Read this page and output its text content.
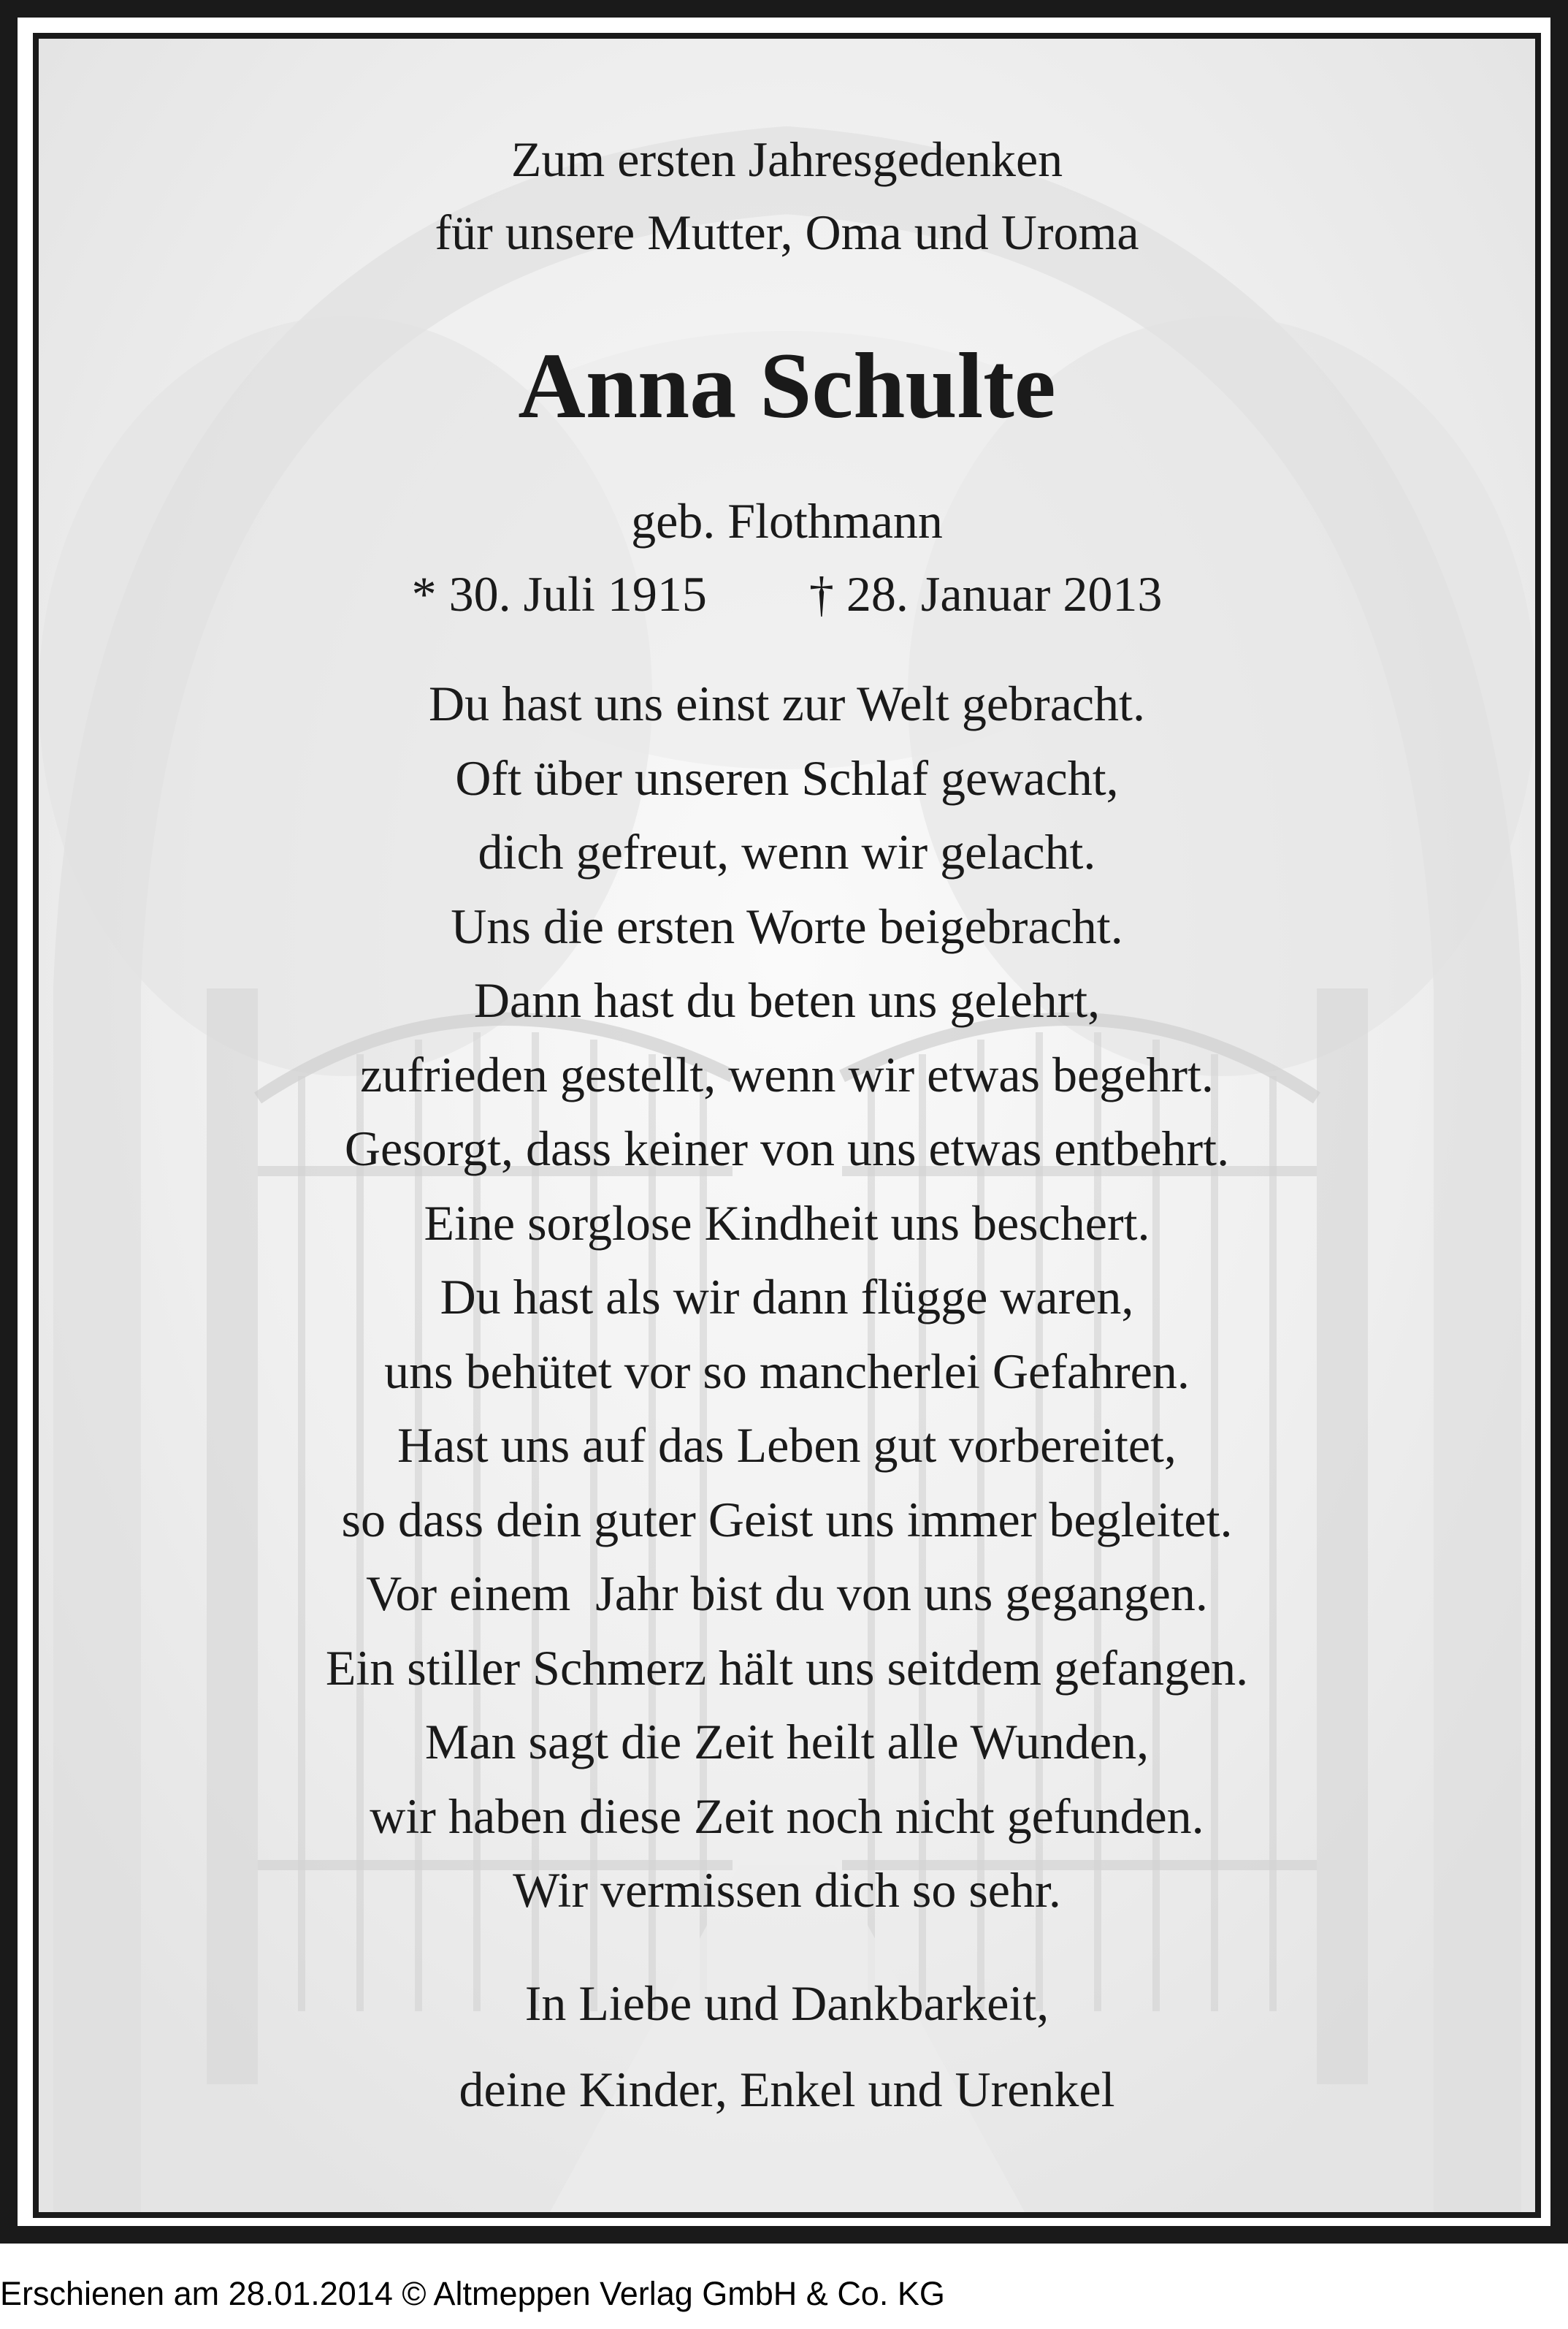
Zum ersten Jahresgedenken
für unsere Mutter, Oma und Uroma
Anna Schulte
geb. Flothmann
* 30. Juli 1915 † 28. Januar 2013
Du hast uns einst zur Welt gebracht.
Oft über unseren Schlaf gewacht,
dich gefreut, wenn wir gelacht.
Uns die ersten Worte beigebracht.
Dann hast du beten uns gelehrt,
zufrieden gestellt, wenn wir etwas begehrt.
Gesorgt, dass keiner von uns etwas entbehrt.
Eine sorglose Kindheit uns beschert.
Du hast als wir dann flügge waren,
uns behütet vor so mancherlei Gefahren.
Hast uns auf das Leben gut vorbereitet,
so dass dein guter Geist uns immer begleitet.
Vor einem  Jahr bist du von uns gegangen.
Ein stiller Schmerz hält uns seitdem gefangen.
Man sagt die Zeit heilt alle Wunden,
wir haben diese Zeit noch nicht gefunden.
Wir vermissen dich so sehr.
In Liebe und Dankbarkeit,
deine Kinder, Enkel und Urenkel
Erschienen am 28.01.2014 © Altmeppen Verlag GmbH & Co. KG
